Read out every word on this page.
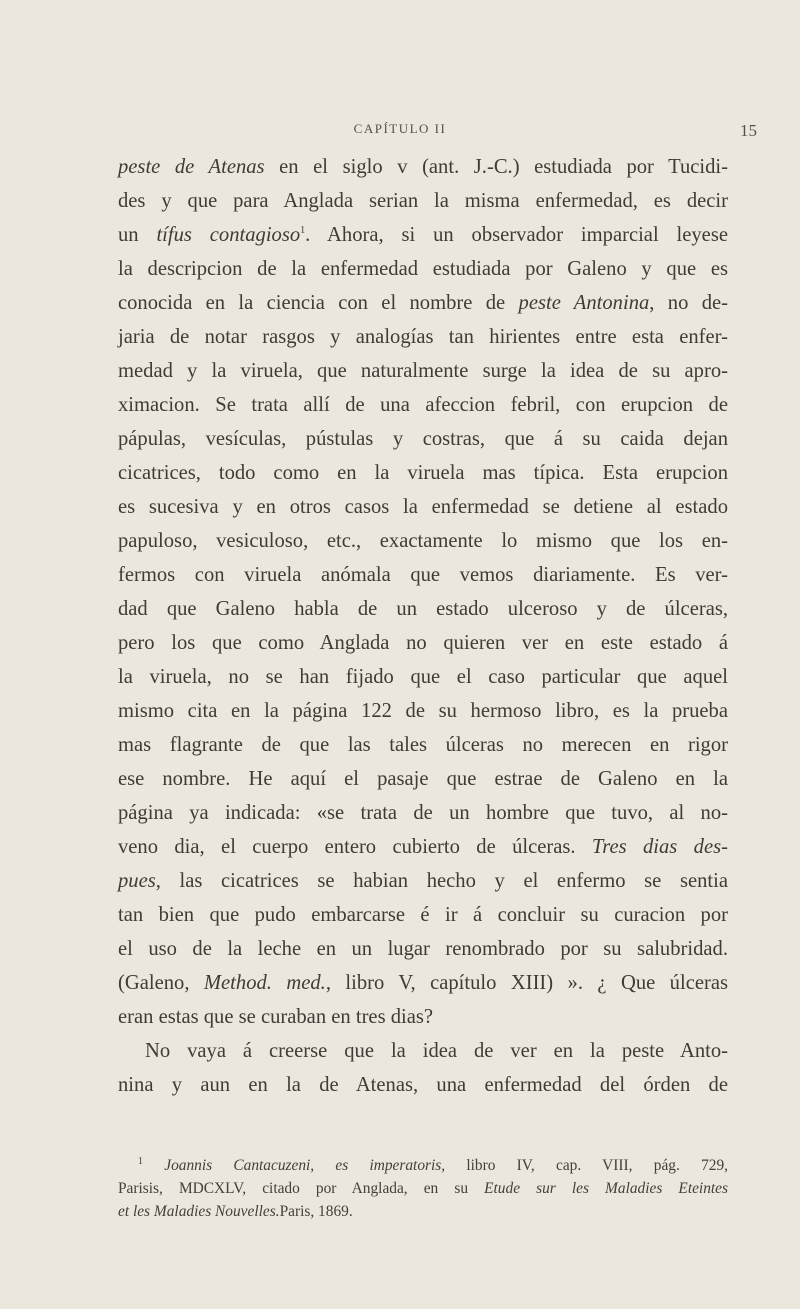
CAPÍTULO II	15
peste de Atenas en el siglo v (ant. J.-C.) estudiada por Tucidi-
des y que para Anglada serian la misma enfermedad, es decir
un tífus contagioso$^1$. Ahora, si un observador imparcial leyese
la descripcion de la enfermedad estudiada por Galeno y que es
conocida en la ciencia con el nombre de peste Antonina, no de-
jaria de notar rasgos y analogías tan hirientes entre esta enfer-
medad y la viruela, que naturalmente surge la idea de su apro-
ximacion. Se trata allí de una afeccion febril, con erupcion de
pápulas, vesículas, pústulas y costras, que á su caida dejan
cicatrices, todo como en la viruela mas típica. Esta erupcion
es sucesiva y en otros casos la enfermedad se detiene al estado
papuloso, vesiculoso, etc., exactamente lo mismo que los en-
fermos con viruela anómala que vemos diariamente. Es ver-
dad que Galeno habla de un estado ulceroso y de úlceras,
pero los que como Anglada no quieren ver en este estado á
la viruela, no se han fijado que el caso particular que aquel
mismo cita en la página 122 de su hermoso libro, es la prueba
mas flagrante de que las tales úlceras no merecen en rigor
ese nombre. He aquí el pasaje que estrae de Galeno en la
página ya indicada: «se trata de un hombre que tuvo, al no-
veno dia, el cuerpo entero cubierto de úlceras. Tres dias des-
pues, las cicatrices se habian hecho y el enfermo se sentia
tan bien que pudo embarcarse é ir á concluir su curacion por
el uso de la leche en un lugar renombrado por su salubridad.
(Galeno, Method. med., libro V, capítulo XIII) ». ¿ Que úlceras
eran estas que se curaban en tres dias?
No vaya á creerse que la idea de ver en la peste Anto-
nina y aun en la de Atenas, una enfermedad del órden de
$^1$ Joannis Cantacuzeni, es imperatoris, libro IV, cap. VIII, pág. 729,
Parisis, MDCXLV, citado por Anglada, en su Etude sur les Maladies Eteintes
et les Maladies Nouvelles.Paris, 1869.
